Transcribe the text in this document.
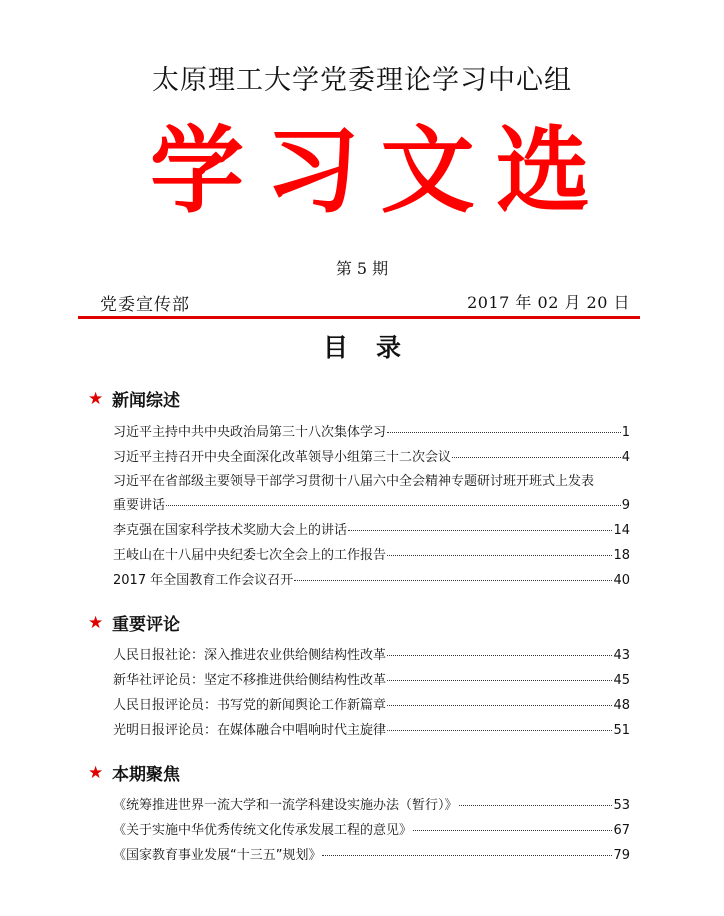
太原理工大学党委理论学习中心组
学 习 文 选
第 5 期
党委宣传部	2017 年 02 月 20 日
目录
★ 新闻综述
习近平主持中共中央政治局第三十八次集体学习	1
习近平主持召开中央全面深化改革领导小组第三十二次会议	4
习近平在省部级主要领导干部学习贯彻十八届六中全会精神专题研讨班开班式上发表
重要讲话	9
李克强在国家科学技术奖励大会上的讲话	14
王岐山在十八届中央纪委七次全会上的工作报告	18
2017 年全国教育工作会议召开	40
★ 重要评论
人民日报社论：深入推进农业供给侧结构性改革	43
新华社评论员：坚定不移推进供给侧结构性改革	45
人民日报评论员：书写党的新闻舆论工作新篇章	48
光明日报评论员：在媒体融合中唱响时代主旋律	51
★ 本期聚焦
《统筹推进世界一流大学和一流学科建设实施办法（暂行）》	53
《关于实施中华优秀传统文化传承发展工程的意见》	67
《国家教育事业发展“十三五”规划》	79
